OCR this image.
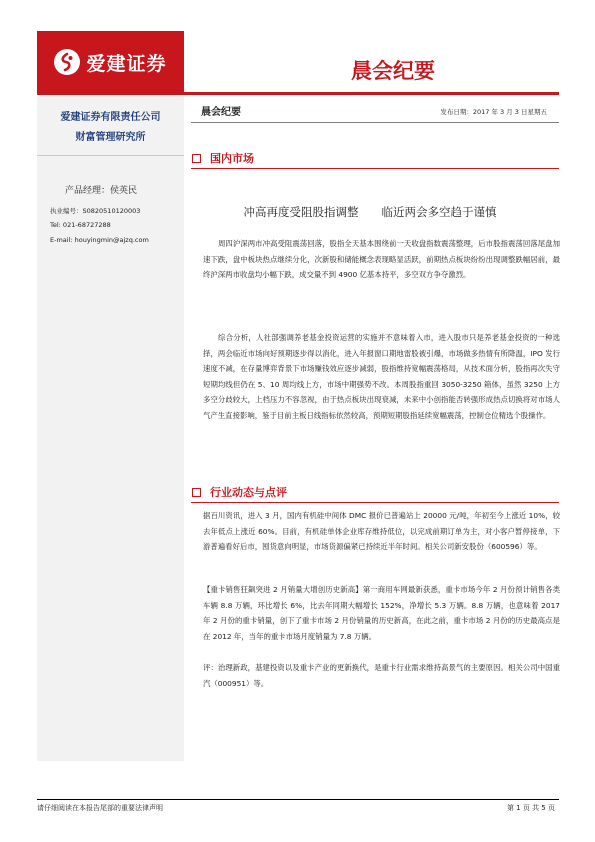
爱建证券	晨会纪要
爱建证券有限责任公司
财富管理研究所
产品经理：侯英民
执业编号：S0820510120003
Tel: 021-68727288
E-mail: houyingmin@ajzq.com
晨会纪要	发布日期：2017 年 3 月 3 日星期五
国内市场
冲高再度受阻股指调整　　临近两会多空趋于谨慎

周四沪深两市冲高受阻震荡回落，股指全天基本围绕前一天收盘指数震荡整理，后市股指震荡回落尾盘加速下跌，盘中板块热点继续分化，次新股和储能概念表现略显活跃，前期热点板块纷纷出现调整跌幅居前，最终沪深两市收盘均小幅下跌，成交量不到 4900 亿基本持平，多空双方争夺激烈。

综合分析，人社部强调养老基金投资运营的实施并不意味着入市，进入股市只是养老基金投资的一种选择，两会临近市场向好预期逐步得以消化，进入年报窗口期地雷股被引爆，市场做多热情有所降温，IPO 发行速度不减，在存量博弈背景下市场赚钱效应逐步减弱，股指维持宽幅震荡格局，从技术面分析，股指再次失守短期均线但仍在 5、10 周均线上方，市场中期强势不改。本周股指重回 3050-3250 箱体，虽然 3250 上方多空分歧较大，上档压力不容忽视，由于热点板块出现衰减，未来中小创指能否转强形成热点切换将对市场人气产生直接影响，鉴于目前主板日线指标依然较高，预期短期股指延续宽幅震荡，控制仓位精选个股操作。

行业动态与点评

据百川资讯，进入 3 月，国内有机硅中间体 DMC 报价已普遍站上 20000 元/吨，年初至今上涨近 10%，较去年低点上涨近 60%。目前，有机硅单体企业库存维持低位，以完成前期订单为主，对小客户暂停接单，下游普遍看好后市，囤货意向明显，市场货源偏紧已持续近半年时间。相关公司新安股份（600596）等。

【重卡销售狂飙突进 2 月销量大增创历史新高】第一商用车网最新获悉，重卡市场今年 2 月份预计销售各类车辆 8.8 万辆，环比增长 6%，比去年同期大幅增长 152%，净增长 5.3 万辆。8.8 万辆，也意味着 2017 年 2 月份的重卡销量，创下了重卡市场 2 月份销量的历史新高，在此之前，重卡市场 2 月份的历史最高点是在 2012 年，当年的重卡市场月度销量为 7.8 万辆。

评：治理新政，基建投资以及重卡产业的更新换代，是重卡行业需求维持高景气的主要原因。相关公司中国重汽（000951）等。

请仔细阅读在本报告尾部的重要法律声明	第 1 页 共 5 页
